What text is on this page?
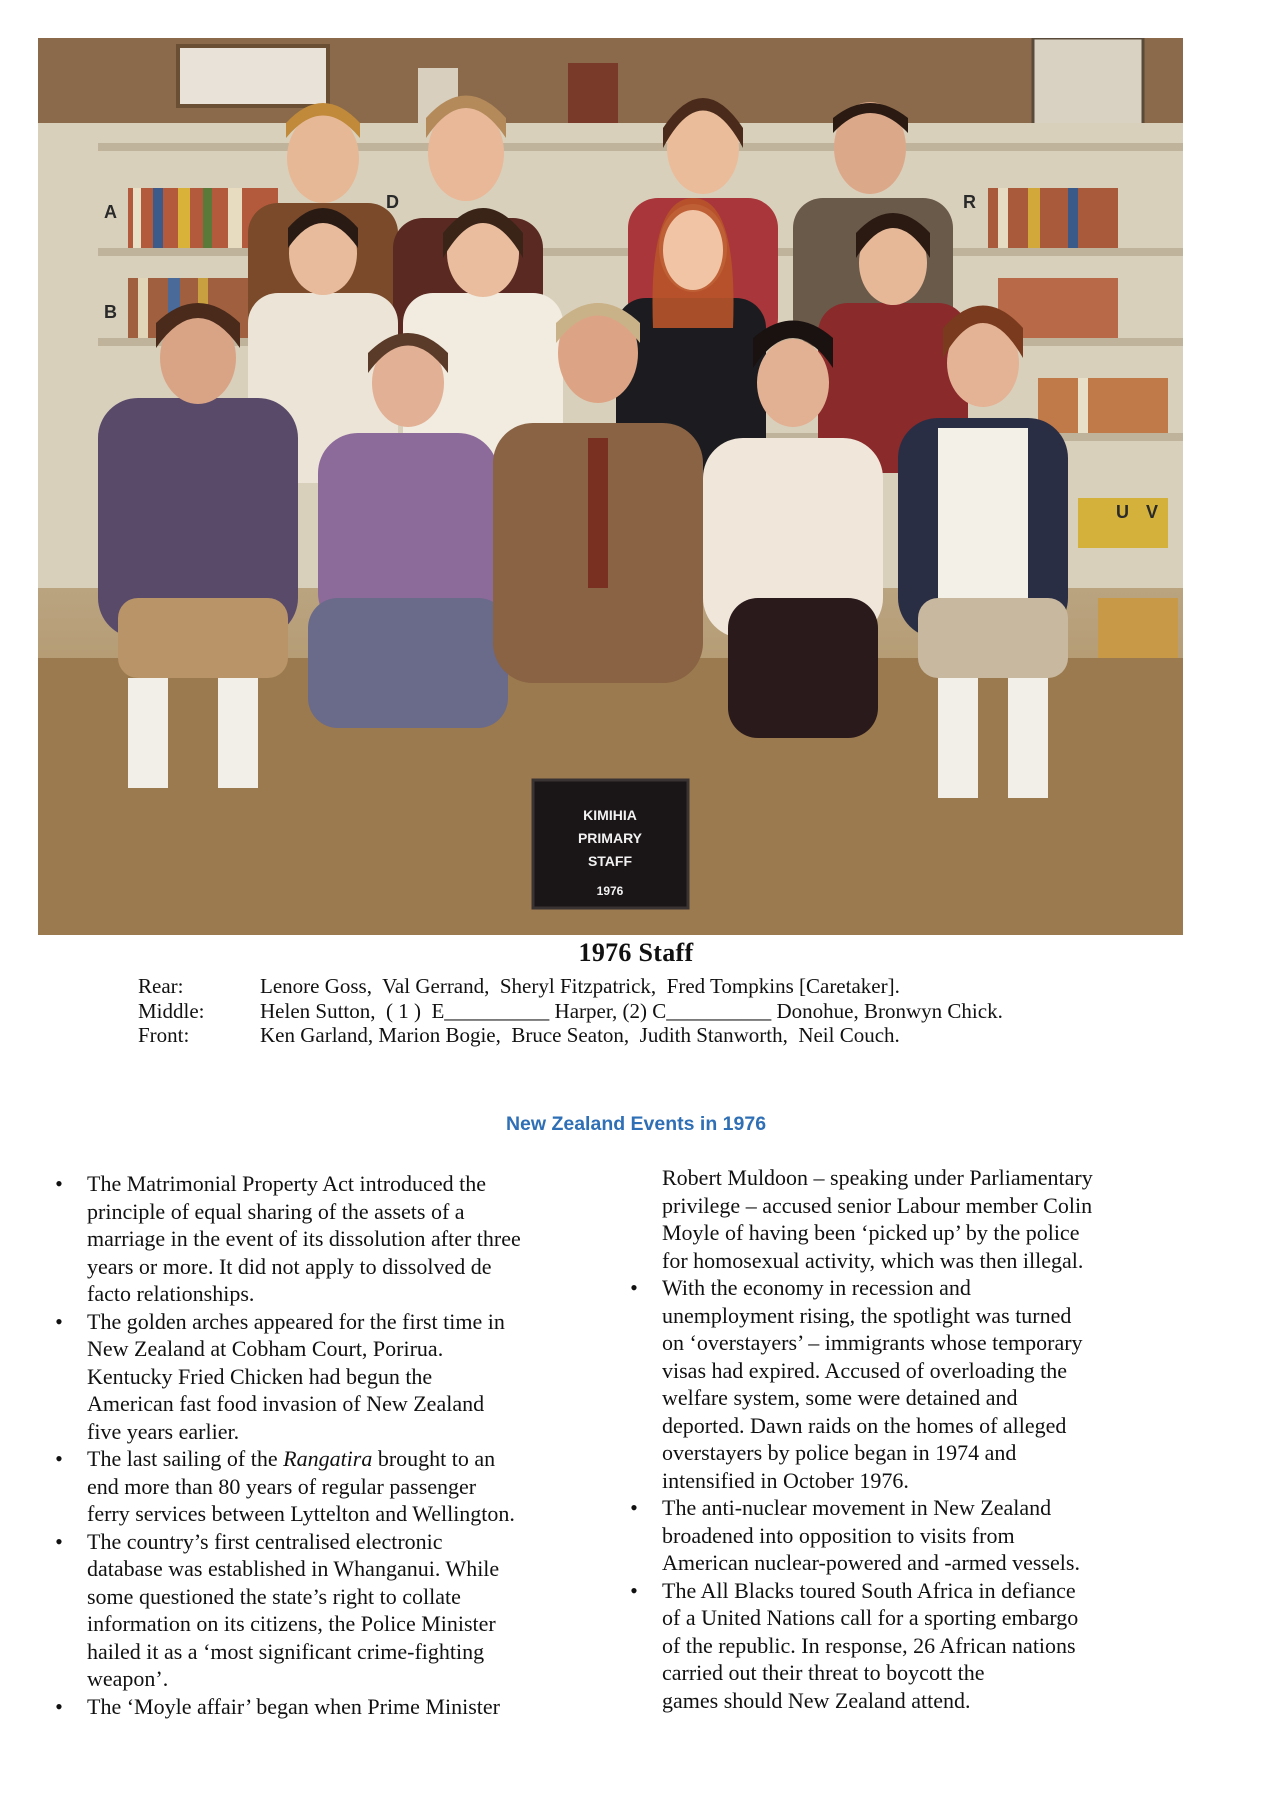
A
B
D	R
U V
KIMIHIA
PRIMARY
STAFF
1976
1976 Staff
Rear:	Lenore Goss,  Val Gerrand,  Sheryl Fitzpatrick,  Fred Tompkins [Caretaker].
Middle:	Helen Sutton,  ( 1 )  E__________ Harper, (2) C__________ Donohue, Bronwyn Chick.
Front:	Ken Garland, Marion Bogie,  Bruce Seaton,  Judith Stanworth,  Neil Couch.
New Zealand Events in 1976
• The Matrimonial Property Act introduced the
principle of equal sharing of the assets of a
marriage in the event of its dissolution after three
years or more. It did not apply to dissolved de
facto relationships.
• The golden arches appeared for the first time in
New Zealand at Cobham Court, Porirua.
Kentucky Fried Chicken had begun the
American fast food invasion of New Zealand
five years earlier.
• The last sailing of the Rangatira brought to an
end more than 80 years of regular passenger
ferry services between Lyttelton and Wellington.
• The country’s first centralised electronic
database was established in Whanganui. While
some questioned the state’s right to collate
information on its citizens, the Police Minister
hailed it as a ‘most significant crime-fighting
weapon’.
• The ‘Moyle affair’ began when Prime Minister
Robert Muldoon – speaking under Parliamentary
privilege – accused senior Labour member Colin
Moyle of having been ‘picked up’ by the police
for homosexual activity, which was then illegal.
• With the economy in recession and
unemployment rising, the spotlight was turned
on ‘overstayers’ – immigrants whose temporary
visas had expired. Accused of overloading the
welfare system, some were detained and
deported. Dawn raids on the homes of alleged
overstayers by police began in 1974 and
intensified in October 1976.
• The anti-nuclear movement in New Zealand
broadened into opposition to visits from
American nuclear-powered and -armed vessels.
• The All Blacks toured South Africa in defiance
of a United Nations call for a sporting embargo
of the republic. In response, 26 African nations
carried out their threat to boycott the
games should New Zealand attend.
